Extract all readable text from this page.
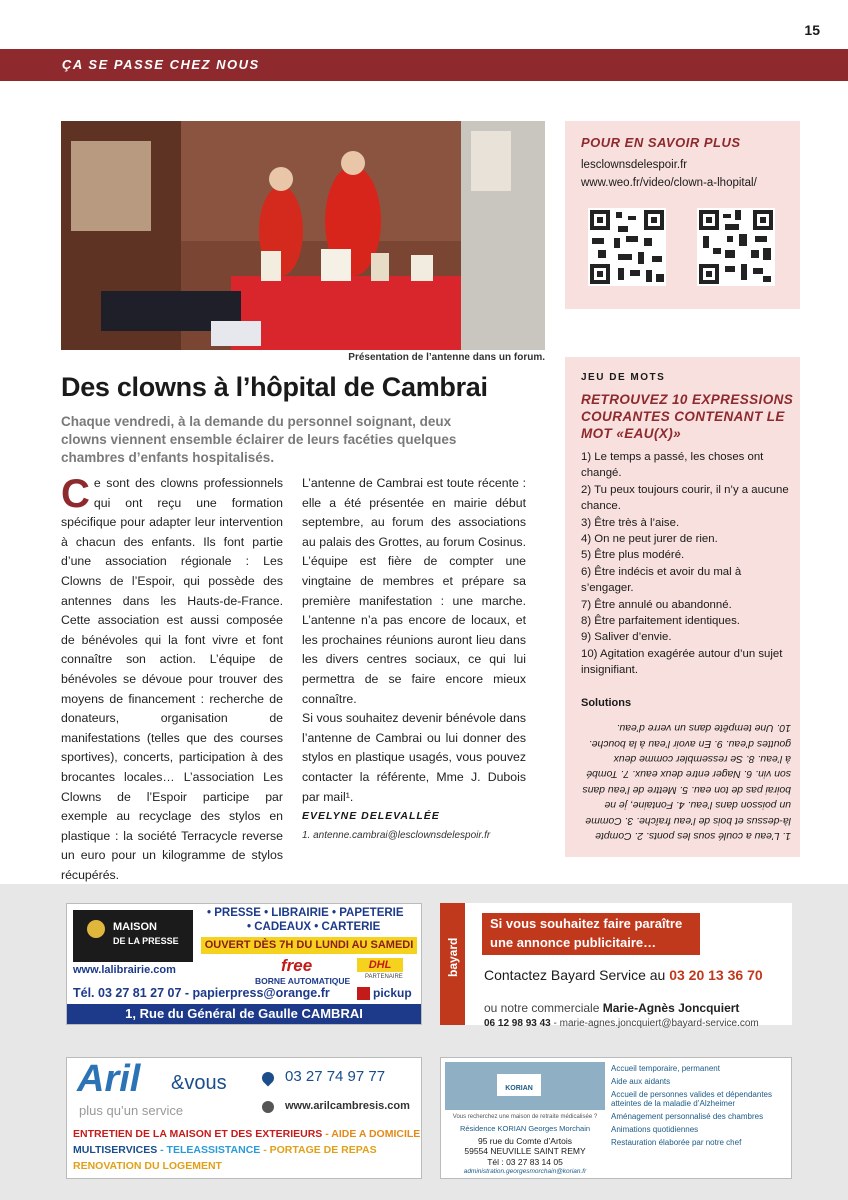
15
ÇA SE PASSE CHEZ NOUS
Présentation de l’antenne dans un forum.
Des clowns à l’hôpital de Cambrai
Chaque vendredi, à la demande du personnel soignant, deux clowns viennent ensemble éclairer de leurs facéties quelques chambres d’enfants hospitalisés.
C e sont des clowns professionnels qui ont reçu une formation spécifique pour adapter leur intervention à chacun des enfants. Ils font partie d’une association régionale : Les Clowns de l’Espoir, qui possède des antennes dans les Hauts-de-France. Cette association est aussi composée de bénévoles qui la font vivre et font connaître son action. L’équipe de bénévoles se dévoue pour trouver des moyens de financement : recherche de donateurs, organisation de manifestations (telles que des courses sportives), concerts, participation à des brocantes locales… L’association Les Clowns de l’Espoir participe par exemple au recyclage des stylos en plastique : la société Terracycle reverse un euro pour un kilogramme de stylos récupérés.

L’antenne de Cambrai est toute récente : elle a été présentée en mairie début septembre, au forum des associations au palais des Grottes, au forum Cosinus. L’équipe est fière de compter une vingtaine de membres et prépare sa première manifestation : une marche. L’antenne n’a pas encore de locaux, et les prochaines réunions auront lieu dans les divers centres sociaux, ce qui lui permettra de se faire encore mieux connaître.

Si vous souhaitez devenir bénévole dans l’antenne de Cambrai ou lui donner des stylos en plastique usagés, vous pouvez contacter la référente, Mme J. Dubois par mail¹.

EVELYNE DELEVALLÉE
1. antenne.cambrai@lesclownsdelespoir.fr
POUR EN SAVOIR PLUS
lesclownsdelespoir.fr
www.weo.fr/video/clown-a-lhopital/
JEU DE MOTS
RETROUVEZ 10 EXPRESSIONS COURANTES CONTENANT LE MOT «EAU(X)»
1) Le temps a passé, les choses ont changé.
2) Tu peux toujours courir, il n’y a aucune chance.
3) Être très à l’aise.
4) On ne peut jurer de rien.
5) Être plus modéré.
6) Être indécis et avoir du mal à s’engager.
7) Être annulé ou abandonné.
8) Être parfaitement identiques.
9) Saliver d’envie.
10) Agitation exagérée autour d’un sujet insignifiant.
Solutions
1. L’eau a coulé sous les ponts. 2. Compte là-dessus et bois de l’eau fraîche. 3. Comme un poisson dans l’eau. 4. Fontaine, je ne boirai pas de ton eau. 5. Mettre de l’eau dans son vin. 6. Nager entre deux eaux. 7. Tombé à l’eau. 8. Se ressembler comme deux gouttes d’eau. 9. En avoir l’eau à la bouche. 10. Une tempête dans un verre d’eau.
MAISON
DE LA PRESSE
• PRESSE • LIBRAIRIE • PAPETERIE
• CADEAUX • CARTERIE
OUVERT DÈS 7H DU LUNDI AU SAMEDI
www.lalibrairie.com	free
BORNE AUTOMATIQUE
DHL
PARTENAIRE
pickup
Tél. 03 27 81 27 07 - papierpress@orange.fr
1, Rue du Général de Gaulle CAMBRAI
bayard
Si vous souhaitez faire paraître
une annonce publicitaire…
Contactez Bayard Service au 03 20 13 36 70
ou notre commerciale Marie-Agnès Joncquiert
06 12 98 93 43 - marie-agnes.joncquiert@bayard-service.com
Aril &vous
plus qu’un service
03 27 74 97 77
www.arilcambresis.com
ENTRETIEN DE LA MAISON ET DES EXTERIEURS - AIDE A DOMICILE
MULTISERVICES - TELEASSISTANCE - PORTAGE DE REPAS
RENOVATION DU LOGEMENT
KORIAN
Vous recherchez une maison de retraite médicalisée ?
Résidence KORIAN Georges Morchain
95 rue du Comte d’Artois
59554 NEUVILLE SAINT REMY
Tél : 03 27 83 14 05
administration.georgesmorchain@korian.fr
Accueil temporaire, permanent
Aide aux aidants
Accueil de personnes valides et dépendantes atteintes de la maladie d’Alzheimer
Aménagement personnalisé des chambres
Animations quotidiennes
Restauration élaborée par notre chef
